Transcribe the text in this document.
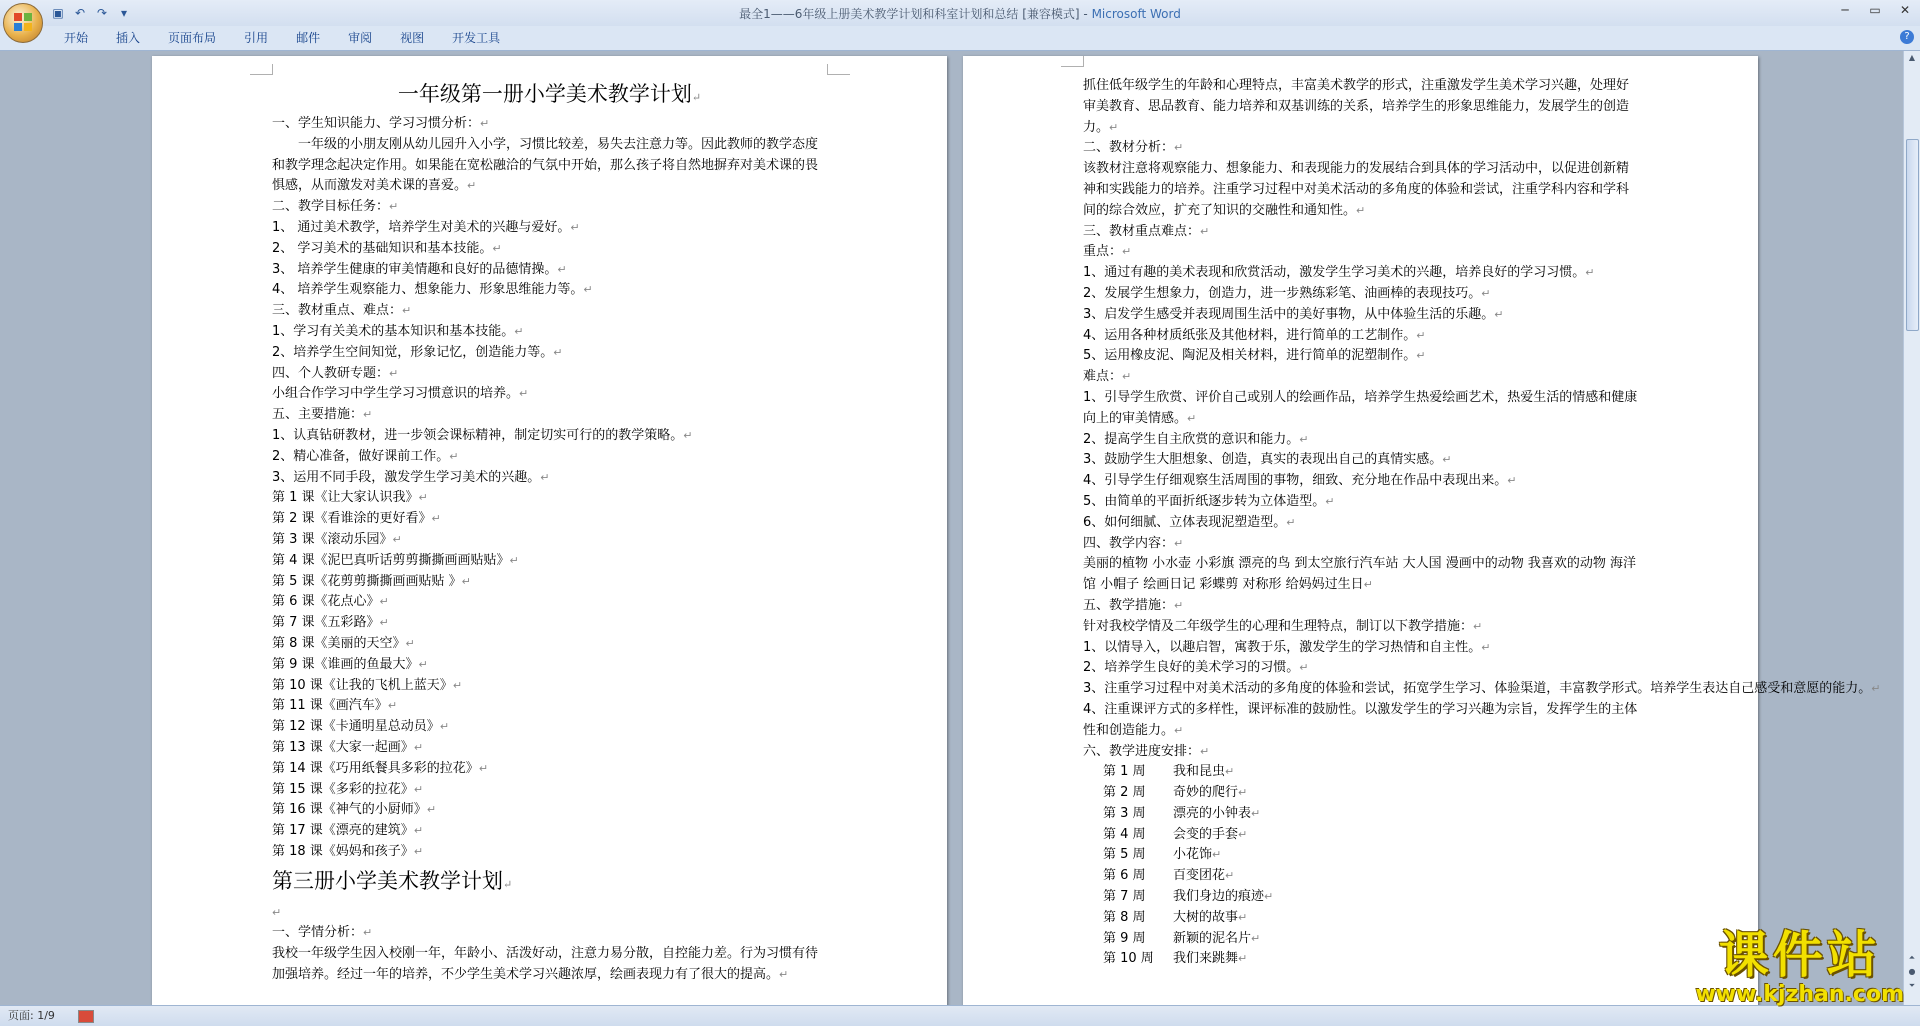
▣ ↶ ↷	▾	最全1——6年级上册美术教学计划和科室计划和总结 [兼容模式] - Microsoft Word	─	▭	✕
开始	插入	页面布局	引用	邮件	审阅	视图	开发工具	?

一年级第一册小学美术教学计划↵

一、学生知识能力、学习习惯分析：↵

一年级的小朋友刚从幼儿园升入小学，习惯比较差，易失去注意力等。因此教师的教学态度和教学理念起决定作用。如果能在宽松融洽的气氛中开始，那么孩子将自然地摒弃对美术课的畏惧感，从而激发对美术课的喜爱。↵

二、教学目标任务：↵

1、 通过美术教学，培养学生对美术的兴趣与爱好。↵

2、 学习美术的基础知识和基本技能。↵

3、 培养学生健康的审美情趣和良好的品德情操。↵

4、 培养学生观察能力、想象能力、形象思维能力等。↵

三、教材重点、难点：↵

1、学习有关美术的基本知识和基本技能。↵

2、培养学生空间知觉，形象记忆，创造能力等。↵

四、个人教研专题：↵

小组合作学习中学生学习习惯意识的培养。↵

五、主要措施：↵

1、认真钻研教材，进一步领会课标精神，制定切实可行的的教学策略。↵

2、精心准备，做好课前工作。↵

3、运用不同手段，激发学生学习美术的兴趣。↵

第 1 课《让大家认识我》↵

第 2 课《看谁涂的更好看》↵

第 3 课《滚动乐园》↵

第 4 课《泥巴真听话剪剪撕撕画画贴贴》↵

第 5 课《花剪剪撕撕画画贴贴 》↵

第 6 课《花点心》↵

第 7 课《五彩路》↵

第 8 课《美丽的天空》↵

第 9 课《谁画的鱼最大》↵

第 10 课《让我的飞机上蓝天》↵

第 11 课《画汽车》↵

第 12 课《卡通明星总动员》↵

第 13 课《大家一起画》↵

第 14 课《巧用纸餐具多彩的拉花》↵

第 15 课《多彩的拉花》↵

第 16 课《神气的小厨师》↵

第 17 课《漂亮的建筑》↵

第 18 课《妈妈和孩子》↵

第三册小学美术教学计划↵

↵

一、学情分析：↵

我校一年级学生因入校刚一年，年龄小、活泼好动，注意力易分散，自控能力差。行为习惯有待加强培养。经过一年的培养，不少学生美术学习兴趣浓厚，绘画表现力有了很大的提高。↵

抓住低年级学生的年龄和心理特点，丰富美术教学的形式，注重激发学生美术学习兴趣，处理好审美教育、思品教育、能力培养和双基训练的关系，培养学生的形象思维能力，发展学生的创造力。↵

二、教材分析：↵

该教材注意将观察能力、想象能力、和表现能力的发展结合到具体的学习活动中，以促进创新精神和实践能力的培养。注重学习过程中对美术活动的多角度的体验和尝试，注重学科内容和学科间的综合效应，扩充了知识的交融性和通知性。↵

三、教材重点难点：↵

重点：↵

1、通过有趣的美术表现和欣赏活动，激发学生学习美术的兴趣，培养良好的学习习惯。↵

2、发展学生想象力，创造力，进一步熟练彩笔、油画棒的表现技巧。↵

3、启发学生感受并表现周围生活中的美好事物，从中体验生活的乐趣。↵

4、运用各种材质纸张及其他材料，进行简单的工艺制作。↵

5、运用橡皮泥、陶泥及相关材料，进行简单的泥塑制作。↵

难点：↵

1、引导学生欣赏、评价自己或别人的绘画作品，培养学生热爱绘画艺术，热爱生活的情感和健康向上的审美情感。↵

2、提高学生自主欣赏的意识和能力。↵

3、鼓励学生大胆想象、创造，真实的表现出自己的真情实感。↵

4、引导学生仔细观察生活周围的事物，细致、充分地在作品中表现出来。↵

5、由简单的平面折纸逐步转为立体造型。↵

6、如何细腻、立体表现泥塑造型。↵

四、教学内容：↵

美丽的植物 小水壶 小彩旗 漂亮的鸟 到太空旅行汽车站 大人国 漫画中的动物 我喜欢的动物 海洋馆 小帽子 绘画日记 彩蝶剪 对称形 给妈妈过生日↵

五、教学措施：↵

针对我校学情及二年级学生的心理和生理特点，制订以下教学措施：↵

1、以情导入，以趣启智，寓教于乐，激发学生的学习热情和自主性。↵

2、培养学生良好的美术学习的习惯。↵

3、注重学习过程中对美术活动的多角度的体验和尝试，拓宽学生学习、体验渠道，丰富教学形式。培养学生表达自己感受和意愿的能力。↵

4、注重课评方式的多样性，课评标准的鼓励性。以激发学生的学习兴趣为宗旨，发挥学生的主体性和创造能力。↵

六、教学进度安排：↵

第 1 周 我和昆虫↵

第 2 周 奇妙的爬行↵

第 3 周 漂亮的小钟表↵

第 4 周 会变的手套↵

第 5 周 小花饰↵

第 6 周 百变团花↵

第 7 周 我们身边的痕迹↵

第 8 周 大树的故事↵

第 9 周 新颖的泥名片↵

第 10 周 我们来跳舞↵

▲
⏶
●
⏷
页面: 1/9
课件站
www.kjzhan.com
